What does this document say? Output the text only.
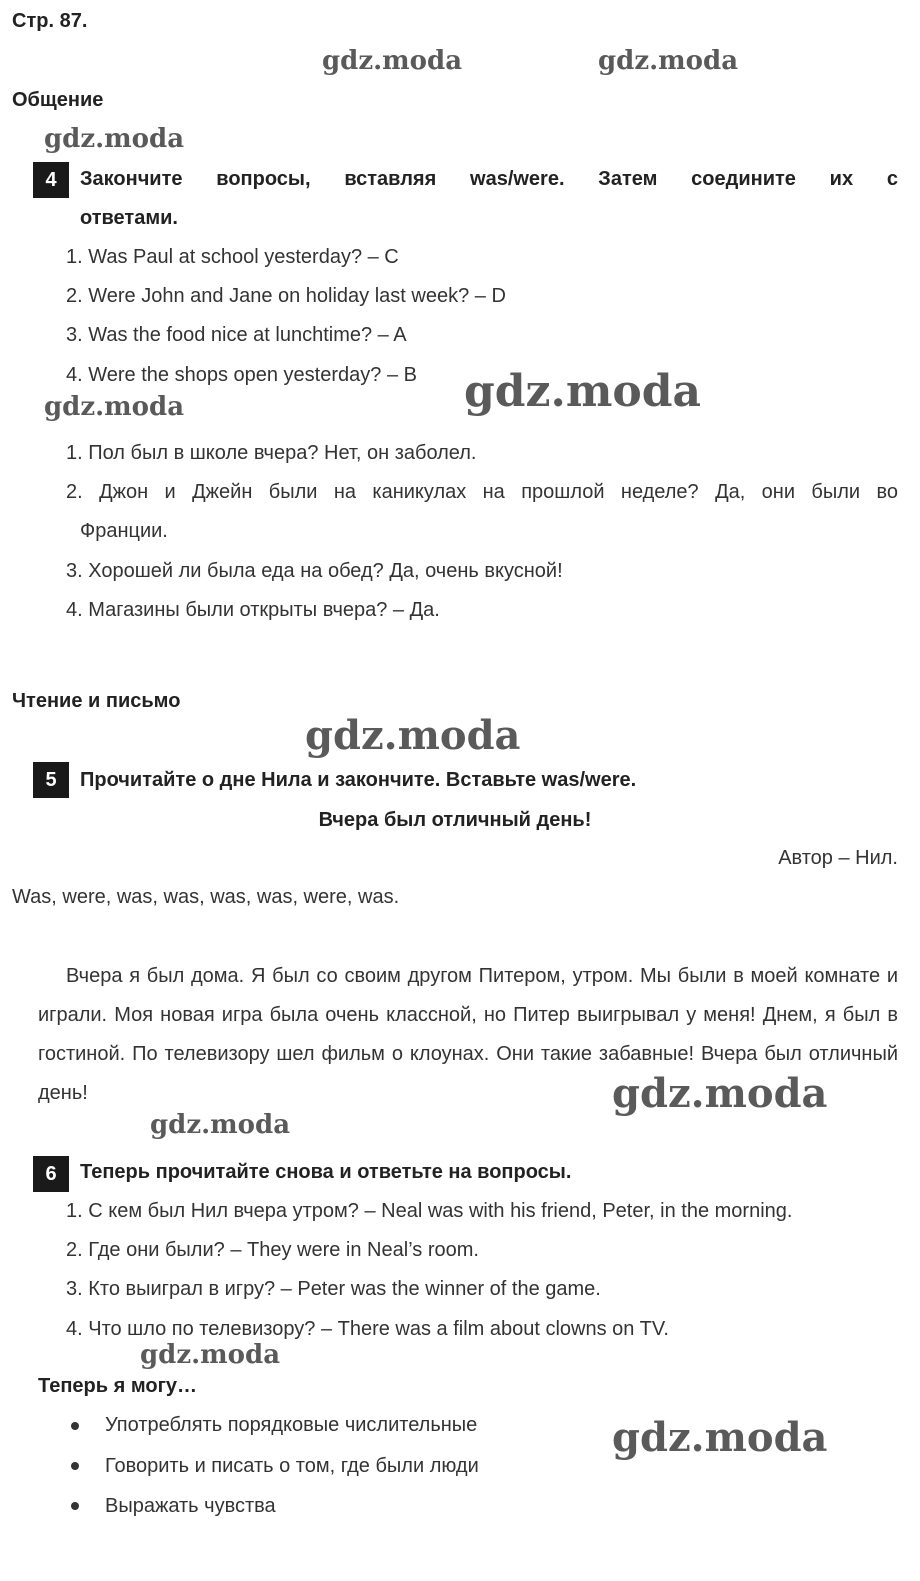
Стр. 87.
gdz.moda	gdz.moda
gdz.moda
gdz.moda	gdz.moda
gdz.moda
gdz.moda
gdz.moda
gdz.moda
gdz.moda
Общение
4	Закончите вопросы, вставляя was/were. Затем соедините их с
ответами.
1. Was Paul at school yesterday? – C
2. Were John and Jane on holiday last week? – D
3. Was the food nice at lunchtime? – A
4. Were the shops open yesterday? – B
1. Пол был в школе вчера? Нет, он заболел.
2. Джон и Джейн были на каникулах на прошлой неделе? Да, они были во
Франции.
3. Хорошей ли была еда на обед? Да, очень вкусной!
4. Магазины были открыты вчера? – Да.
Чтение и письмо
5	Прочитайте о дне Нила и закончите. Вставьте was/were.
Вчера был отличный день!
Автор – Нил.
Was, were, was, was, was, was, were, was.
Вчера я был дома. Я был со своим другом Питером, утром. Мы были в моей комнате и играли. Моя новая игра была очень классной, но Питер выигрывал у меня! Днем, я был в гостиной. По телевизору шел фильм о клоунах. Они такие забавные! Вчера был отличный день!
6	Теперь прочитайте снова и ответьте на вопросы.
1. С кем был Нил вчера утром? – Neal was with his friend, Peter, in the morning.
2. Где они были? – They were in Neal’s room.
3. Кто выиграл в игру? – Peter was the winner of the game.
4. Что шло по телевизору? – There was a film about clowns on TV.
Теперь я могу…
Употреблять порядковые числительные
Говорить и писать о том, где были люди
Выражать чувства
